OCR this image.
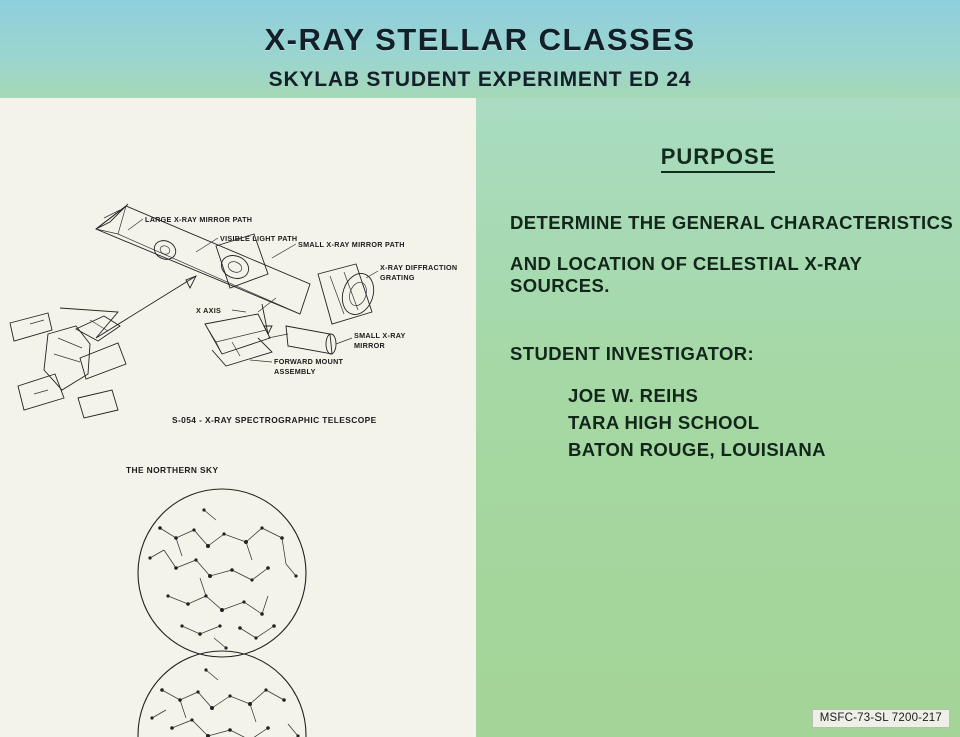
X-RAY STELLAR CLASSES
SKYLAB STUDENT EXPERIMENT ED 24
LARGE X-RAY MIRROR PATH
VISIBLE LIGHT PATH
SMALL X-RAY MIRROR PATH
X-RAY DIFFRACTION
GRATING
X AXIS
SMALL X-RAY
MIRROR
FORWARD MOUNT
ASSEMBLY
S-054 - X-RAY SPECTROGRAPHIC TELESCOPE
THE NORTHERN SKY
PURPOSE

DETERMINE THE GENERAL CHARACTERISTICS

AND LOCATION OF CELESTIAL X-RAY SOURCES.

STUDENT INVESTIGATOR:

JOE W. REIHS

TARA HIGH SCHOOL

BATON ROUGE, LOUISIANA

MSFC-73-SL 7200-217
